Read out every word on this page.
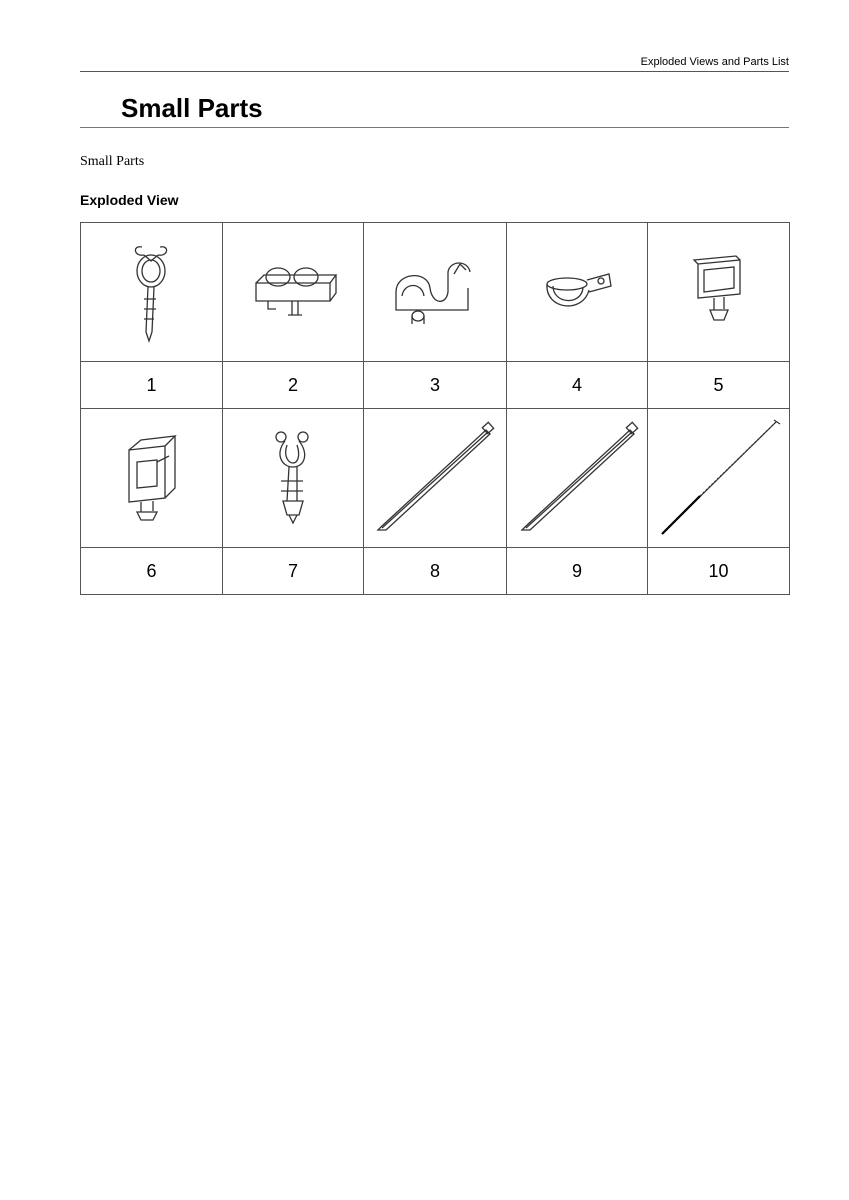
Exploded Views and Parts List
Small Parts
Small Parts
Exploded View

1	2	3	4	5

6	7	8	9	10
